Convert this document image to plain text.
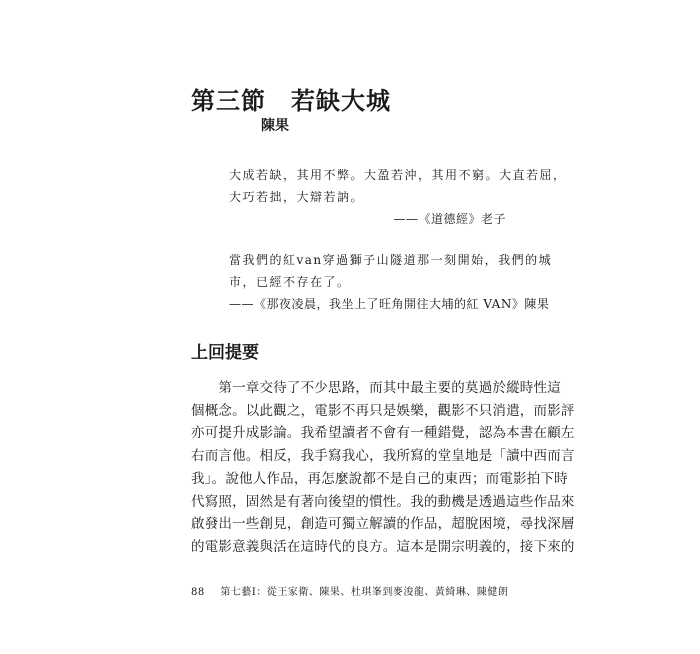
第三節　若缺大城
陳果
大成若缺，其用不弊。大盈若沖，其用不窮。大直若屈，
大巧若拙，大辯若訥。
——《道德經》老子
當我們的紅van穿過獅子山隧道那一刻開始，我們的城
市，已經不存在了。
——《那夜凌晨，我坐上了旺角開往大埔的紅 VAN》陳果
上回提要
　　第一章交待了不少思路，而其中最主要的莫過於縱時性這
個概念。以此觀之，電影不再只是娛樂，觀影不只消遣，而影評
亦可提升成影論。我希望讀者不會有一種錯覺，認為本書在顧左
右而言他。相反，我手寫我心，我所寫的堂皇地是「讀中西而言
我」。說他人作品，再怎麼說都不是自己的東西；而電影拍下時
代寫照，固然是有著向後望的慣性。我的動機是透過這些作品來
啟發出一些創見，創造可獨立解讀的作品，超脫困境，尋找深層
的電影意義與活在這時代的良方。這本是開宗明義的，接下來的
88 第七藝I：從王家衛、陳果、杜琪峯到麥浚龍、黃綺琳、陳健朗
